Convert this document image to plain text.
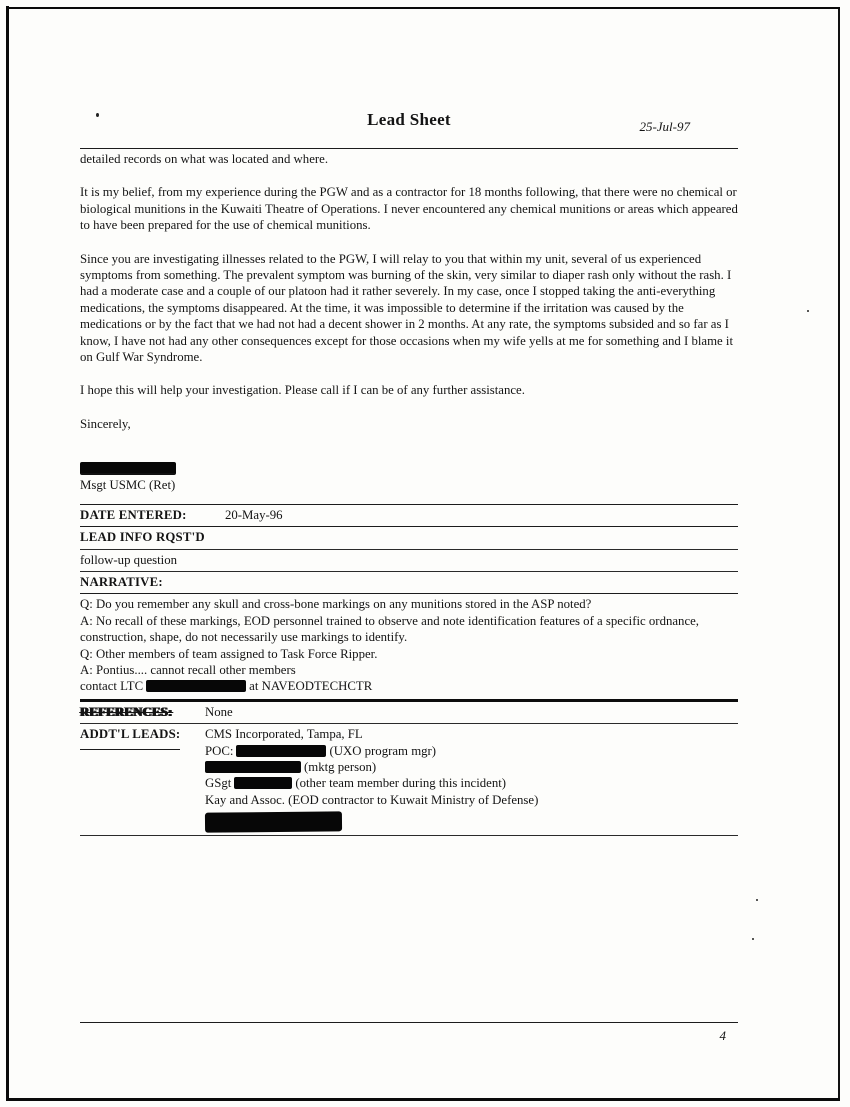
Lead Sheet	25-Jul-97
detailed records on what was located and where.
It is my belief, from my experience during the PGW and as a contractor for 18 months following, that there were no chemical or biological munitions in the Kuwaiti Theatre of Operations. I never encountered any chemical munitions or areas which appeared to have been prepared for the use of chemical munitions.
Since you are investigating illnesses related to the PGW, I will relay to you that within my unit, several of us experienced symptoms from something. The prevalent symptom was burning of the skin, very similar to diaper rash only without the rash. I had a moderate case and a couple of our platoon had it rather severely. In my case, once I stopped taking the anti-everything medications, the symptoms disappeared. At the time, it was impossible to determine if the irritation was caused by the medications or by the fact that we had not had a decent shower in 2 months. At any rate, the symptoms subsided and so far as I know, I have not had any other consequences except for those occasions when my wife yells at me for something and I blame it on Gulf War Syndrome.
I hope this will help your investigation. Please call if I can be of any further assistance.
Sincerely,
Msgt USMC (Ret)
DATE ENTERED:	20-May-96
LEAD INFO RQST'D
follow-up question
NARRATIVE:
Q: Do you remember any skull and cross-bone markings on any munitions stored in the ASP noted?
A: No recall of these markings, EOD personnel trained to observe and note identification features of a specific ordnance, construction, shape, do not necessarily use markings to identify.
Q: Other members of team assigned to Task Force Ripper.
A: Pontius.... cannot recall other members
contact LTC	at NAVEODTECHCTR
REFERENCES:	None
ADDT'L LEADS: CMS Incorporated, Tampa, FL
POC:	(UXO program mgr)
(mktg person)
GSgt	(other team member during this incident)
Kay and Assoc. (EOD contractor to Kuwait Ministry of Defense)
4
